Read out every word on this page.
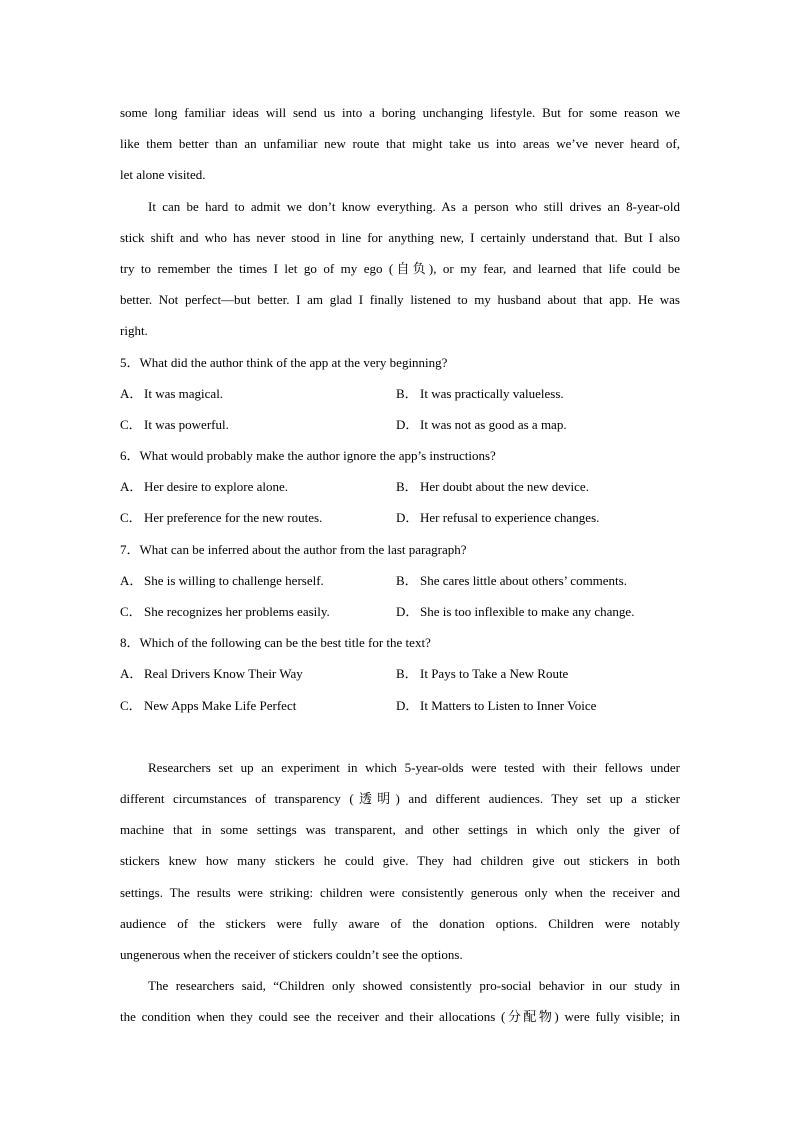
some long familiar ideas will send us into a boring unchanging lifestyle. But for some reason we
like them better than an unfamiliar new route that might take us into areas we’ve never heard of,
let alone visited.
It can be hard to admit we don’t know everything. As a person who still drives an 8-year-old
stick shift and who has never stood in line for anything new, I certainly understand that. But I also
try to remember the times I let go of my ego (自负), or my fear, and learned that life could be
better. Not perfect—but better. I am glad I finally listened to my husband about that app. He was
right.
5．What did the author think of the app at the very beginning?
A． It was magical.	B． It was practically valueless.
C． It was powerful.	D． It was not as good as a map.
6．What would probably make the author ignore the app’s instructions?
A． Her desire to explore alone.	B． Her doubt about the new device.
C． Her preference for the new routes.	D． Her refusal to experience changes.
7．What can be inferred about the author from the last paragraph?
A． She is willing to challenge herself.	B． She cares little about others’ comments.
C． She recognizes her problems easily.	D． She is too inflexible to make any change.
8．Which of the following can be the best title for the text?
A． Real Drivers Know Their Way	B． It Pays to Take a New Route
C． New Apps Make Life Perfect	D． It Matters to Listen to Inner Voice
Researchers set up an experiment in which 5-year-olds were tested with their fellows under
different circumstances of transparency (透明) and different audiences. They set up a sticker
machine that in some settings was transparent, and other settings in which only the giver of
stickers knew how many stickers he could give. They had children give out stickers in both
settings. The results were striking: children were consistently generous only when the receiver and
audience of the stickers were fully aware of the donation options. Children were notably
ungenerous when the receiver of stickers couldn’t see the options.
The researchers said, “Children only showed consistently pro-social behavior in our study in
the condition when they could see the receiver and their allocations (分配物) were fully visible; in
